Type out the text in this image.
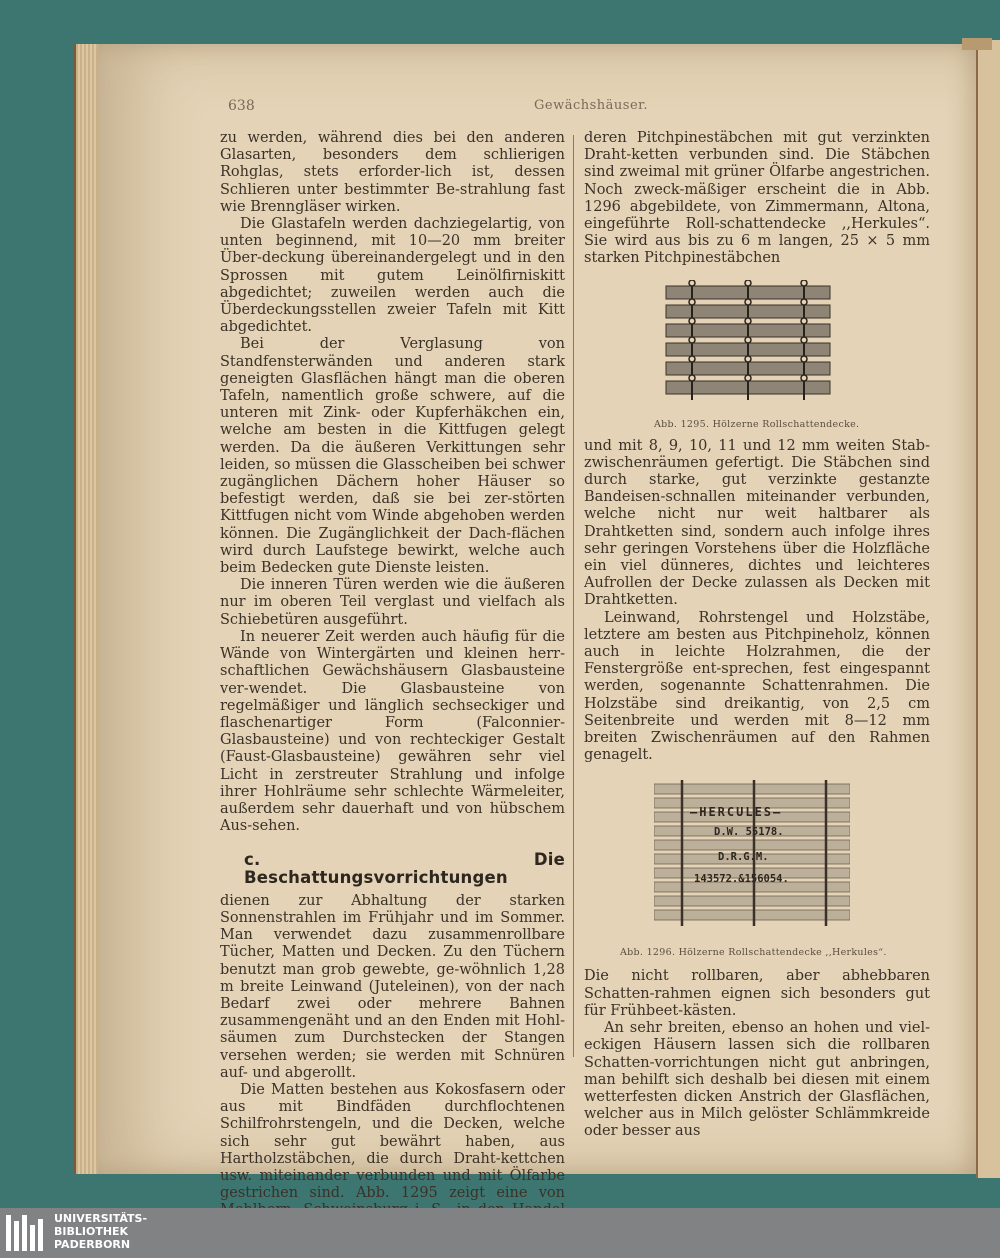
638	Gewächshäuser.

zu werden, während dies bei den anderen Glasarten, besonders dem schlierigen Rohglas, stets erforder-lich ist, dessen Schlieren unter bestimmter Be-strahlung fast wie Brenngläser wirken.

Die Glastafeln werden dachziegelartig, von unten beginnend, mit 10—20 mm breiter Über-deckung übereinandergelegt und in den Sprossen mit gutem Leinölfirniskitt abgedichtet; zuweilen werden auch die Überdeckungsstellen zweier Tafeln mit Kitt abgedichtet.

Bei der Verglasung von Standfensterwänden und anderen stark geneigten Glasflächen hängt man die oberen Tafeln, namentlich große schwere, auf die unteren mit Zink- oder Kupferhäkchen ein, welche am besten in die Kittfugen gelegt werden. Da die äußeren Verkittungen sehr leiden, so müssen die Glasscheiben bei schwer zugänglichen Dächern hoher Häuser so befestigt werden, daß sie bei zer-störten Kittfugen nicht vom Winde abgehoben werden können. Die Zugänglichkeit der Dach-flächen wird durch Laufstege bewirkt, welche auch beim Bedecken gute Dienste leisten.

Die inneren Türen werden wie die äußeren nur im oberen Teil verglast und vielfach als Schiebetüren ausgeführt.

In neuerer Zeit werden auch häufig für die Wände von Wintergärten und kleinen herr-schaftlichen Gewächshäusern Glasbausteine ver-wendet. Die Glasbausteine von regelmäßiger und länglich sechseckiger und flaschenartiger Form (Falconnier-Glasbausteine) und von rechteckiger Gestalt (Faust-Glasbausteine) gewähren sehr viel Licht in zerstreuter Strahlung und infolge ihrer Hohlräume sehr schlechte Wärmeleiter, außerdem sehr dauerhaft und von hübschem Aus-sehen.

c. Die Beschattungsvorrichtungen

dienen zur Abhaltung der starken Sonnenstrahlen im Frühjahr und im Sommer. Man verwendet dazu zusammenrollbare Tücher, Matten und Decken. Zu den Tüchern benutzt man grob gewebte, ge-wöhnlich 1,28 m breite Leinwand (Juteleinen), von der nach Bedarf zwei oder mehrere Bahnen zusammengenäht und an den Enden mit Hohl-säumen zum Durchstecken der Stangen versehen werden; sie werden mit Schnüren auf- und abgerollt.

Die Matten bestehen aus Kokosfasern oder aus mit Bindfäden durchflochtenen Schilfrohrstengeln, und die Decken, welche sich sehr gut bewährt haben, aus Hartholzstäbchen, die durch Draht-kettchen usw. miteinander verbunden und mit Ölfarbe gestrichen sind. Abb. 1295 zeigt eine von

deren Pitchpinestäbchen mit gut verzinkten Draht-ketten verbunden sind. Die Stäbchen sind zweimal mit grüner Ölfarbe angestrichen. Noch zweck-mäßiger erscheint die in Abb. 1296 abgebildete, von Zimmermann, Altona, eingeführte Roll-schattendecke ,,Herkules“. Sie wird aus bis zu 6 m langen, 25 × 5 mm starken Pitchpinestäbchen

Abb. 1295. Hölzerne Rollschattendecke.

und mit 8, 9, 10, 11 und 12 mm weiten Stab-zwischenräumen gefertigt. Die Stäbchen sind durch starke, gut verzinkte gestanzte Bandeisen-schnallen miteinander verbunden, welche nicht nur weit haltbarer als Drahtketten sind, sondern auch infolge ihres sehr geringen Vorstehens über die Holzfläche ein viel dünneres, dichtes und leichteres Aufrollen der Decke zulassen als Decken mit Drahtketten.

Leinwand, Rohrstengel und Holzstäbe, letztere am besten aus Pitchpineholz, können auch in leichte Holzrahmen, die der Fenstergröße ent-sprechen, fest eingespannt werden, sogenannte Schattenrahmen. Die Holzstäbe sind dreikantig, von 2,5 cm Seitenbreite und werden mit 8—12 mm breiten Zwischenräumen auf den Rahmen genagelt.

—HERCULES—
D.W. 55178.
D.R.G.M.
143572.&156054.
Abb. 1296. Hölzerne Rollschattendecke ,,Herkules“.

Die nicht rollbaren, aber abhebbaren Schatten-rahmen eignen sich besonders gut für Frühbeet-kästen.

An sehr breiten, ebenso an hohen und viel-eckigen Häusern lassen sich die rollbaren Schatten-vorrichtungen nicht gut anbringen, man behilft sich deshalb bei diesen mit einem wetterfesten dicken Anstrich der Glasflächen, welcher aus in Milch gelöster Schlämmkreide oder besser aus

UNIVERSITÄTS-
BIBLIOTHEK
PADERBORN
